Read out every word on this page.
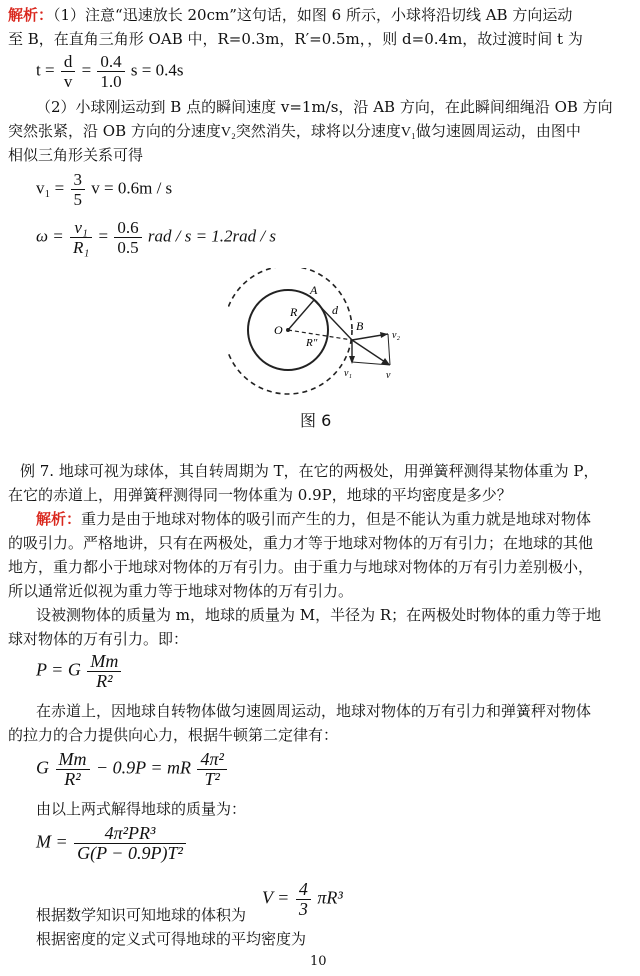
解析：（1）注意“迅速放长 20cm”这句话，如图 6 所示，小球将沿切线 AB 方向运动
至 B，在直角三角形 OAB 中，R=0.3m，R′=0.5m，，则 d=0.4m，故过渡时间 t 为
$t = \frac{d}{v} = \frac{0.4}{1.0}$ s = 0.4s
（2）小球刚运动到 B 点的瞬间速度 v=1m/s，沿 AB 方向，在此瞬间细绳沿 OB 方向
突然张紧，沿 OB 方向的分速度V₂突然消失，球将以分速度V₁做匀速圆周运动，由图中
相似三角形关系可得
$v_1 = \frac{3}{5}$ v = 0.6m / s
$\omega = \frac{\text{v₁}}{\text{R₁}} = \frac{0.6}{0.5}$ rad / s = 1.2rad / s
O
R
A
d
B
R″
v₁
v₂
v
图 6
例 7. 地球可视为球体，其自转周期为 T，在它的两极处，用弹簧秤测得某物体重为 P，
在它的赤道上，用弹簧秤测得同一物体重为 0.9P，地球的平均密度是多少？
解析：重力是由于地球对物体的吸引而产生的力，但是不能认为重力就是地球对物体
的吸引力。严格地讲，只有在两极处，重力才等于地球对物体的万有引力；在地球的其他
地方，重力都小于地球对物体的万有引力。由于重力与地球对物体的万有引力差别极小，
所以通常近似视为重力等于地球对物体的万有引力。
设被测物体的质量为 m，地球的质量为 M，半径为 R；在两极处时物体的重力等于地
球对物体的万有引力。即：
P = G $\frac{Mm}{\text{R²}}$
在赤道上，因地球自转物体做匀速圆周运动，地球对物体的万有引力和弹簧秤对物体
的拉力的合力提供向心力，根据牛顿第二定律有：
G $\frac{Mm}{\text{R²}} - 0.9P$ = mR $\frac{\text{4π²}}{\text{T²}}$
由以上两式解得地球的质量为：
$M = \frac{\text{4π²PR³}}{\text{G(P − 0.9P)T²}}$
$V = \frac{4}{3} \pi R^3$
根据数学知识可知地球的体积为
根据密度的定义式可得地球的平均密度为
10
